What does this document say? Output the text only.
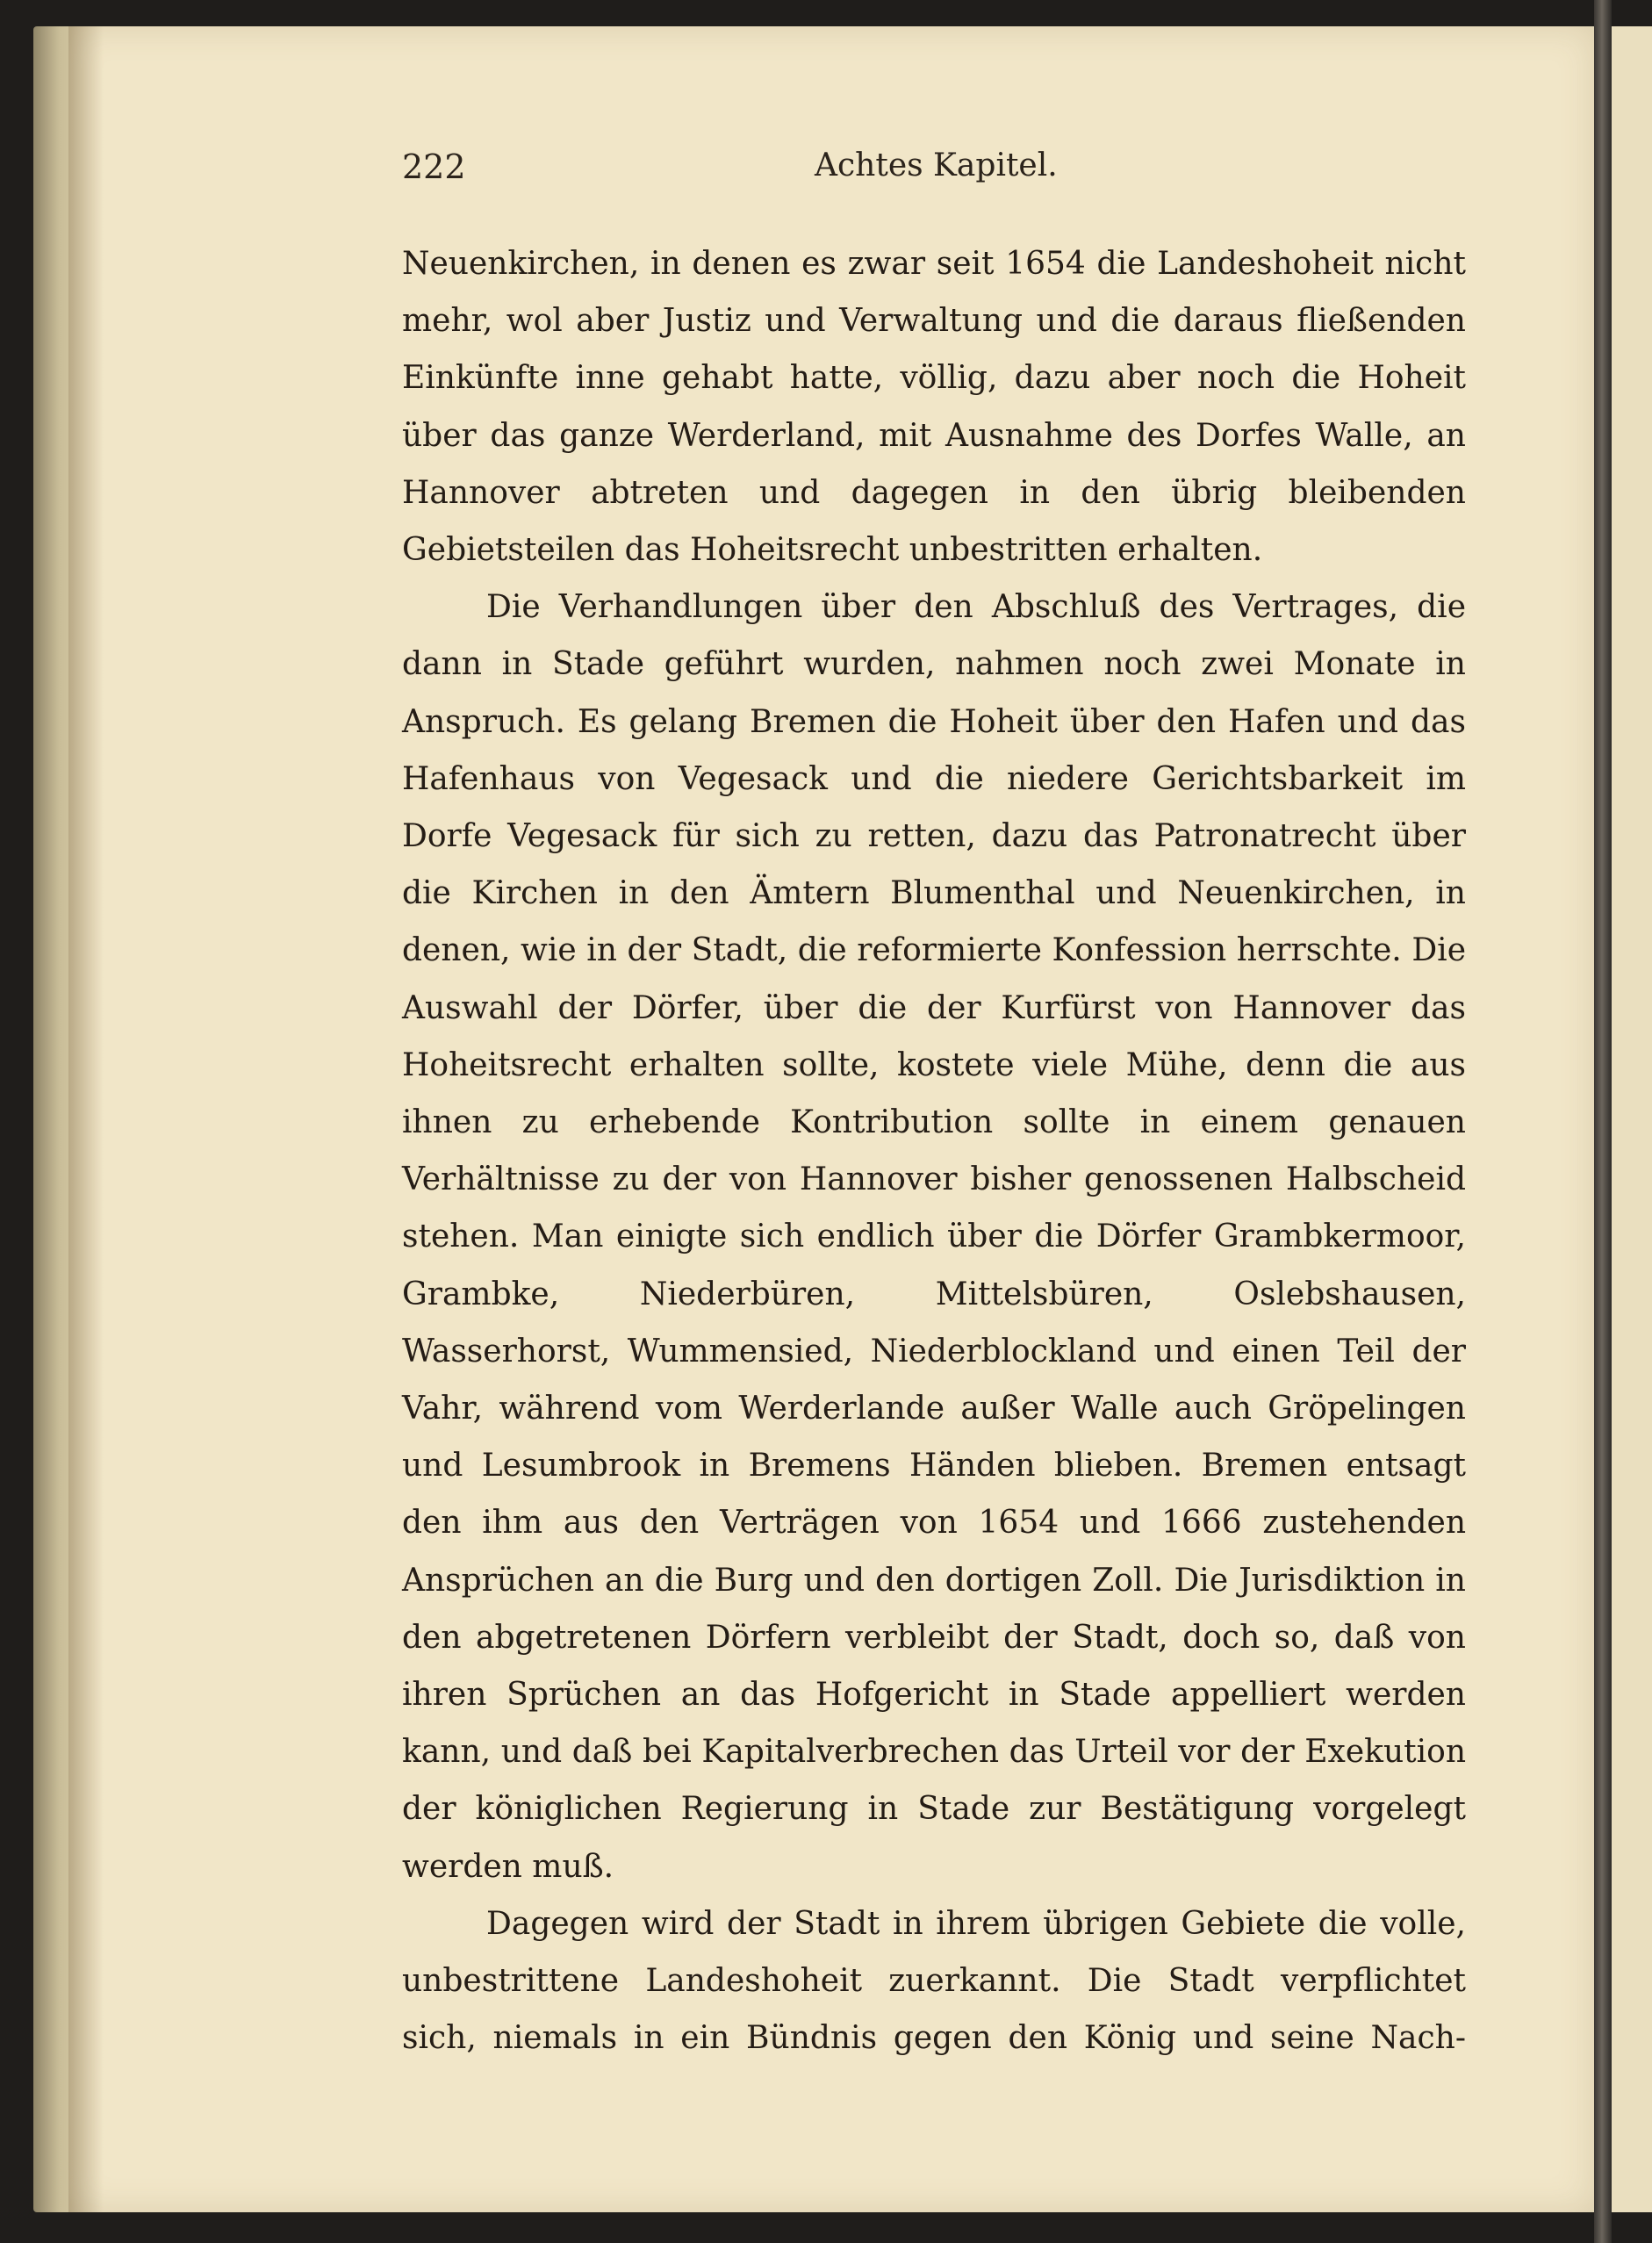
222	Achtes Kapitel.

Neuenkirchen, in denen es zwar seit 1654 die Landeshoheit nicht mehr, wol aber Justiz und Verwaltung und die daraus fließenden Einkünfte inne gehabt hatte, völlig, dazu aber noch die Hoheit über das ganze Werderland, mit Ausnahme des Dorfes Walle, an Hannover abtreten und dagegen in den übrig bleibenden Gebietsteilen das Hoheitsrecht unbestritten erhalten.

Die Verhandlungen über den Abschluß des Vertrages, die dann in Stade geführt wurden, nahmen noch zwei Monate in Anspruch. Es gelang Bremen die Hoheit über den Hafen und das Hafenhaus von Vegesack und die niedere Gerichtsbarkeit im Dorfe Vegesack für sich zu retten, dazu das Patronatrecht über die Kirchen in den Ämtern Blumenthal und Neuenkirchen, in denen, wie in der Stadt, die reformierte Konfession herrschte. Die Auswahl der Dörfer, über die der Kurfürst von Hannover das Hoheitsrecht erhalten sollte, kostete viele Mühe, denn die aus ihnen zu erhebende Kontribution sollte in einem genauen Verhältnisse zu der von Hannover bisher genossenen Halbscheid stehen. Man einigte sich endlich über die Dörfer Grambkermoor, Grambke, Niederbüren, Mittelsbüren, Oslebshausen, Wasserhorst, Wummensied, Niederblockland und einen Teil der Vahr, während vom Werderlande außer Walle auch Gröpelingen und Lesumbrook in Bremens Händen blieben. Bremen entsagt den ihm aus den Verträgen von 1654 und 1666 zustehenden Ansprüchen an die Burg und den dortigen Zoll. Die Jurisdiktion in den abgetretenen Dörfern verbleibt der Stadt, doch so, daß von ihren Sprüchen an das Hofgericht in Stade appelliert werden kann, und daß bei Kapitalverbrechen das Urteil vor der Exekution der königlichen Regierung in Stade zur Bestätigung vorgelegt werden muß.

Dagegen wird der Stadt in ihrem übrigen Gebiete die volle, unbestrittene Landeshoheit zuerkannt. Die Stadt verpflichtet sich, niemals in ein Bündnis gegen den König und seine Nach-
